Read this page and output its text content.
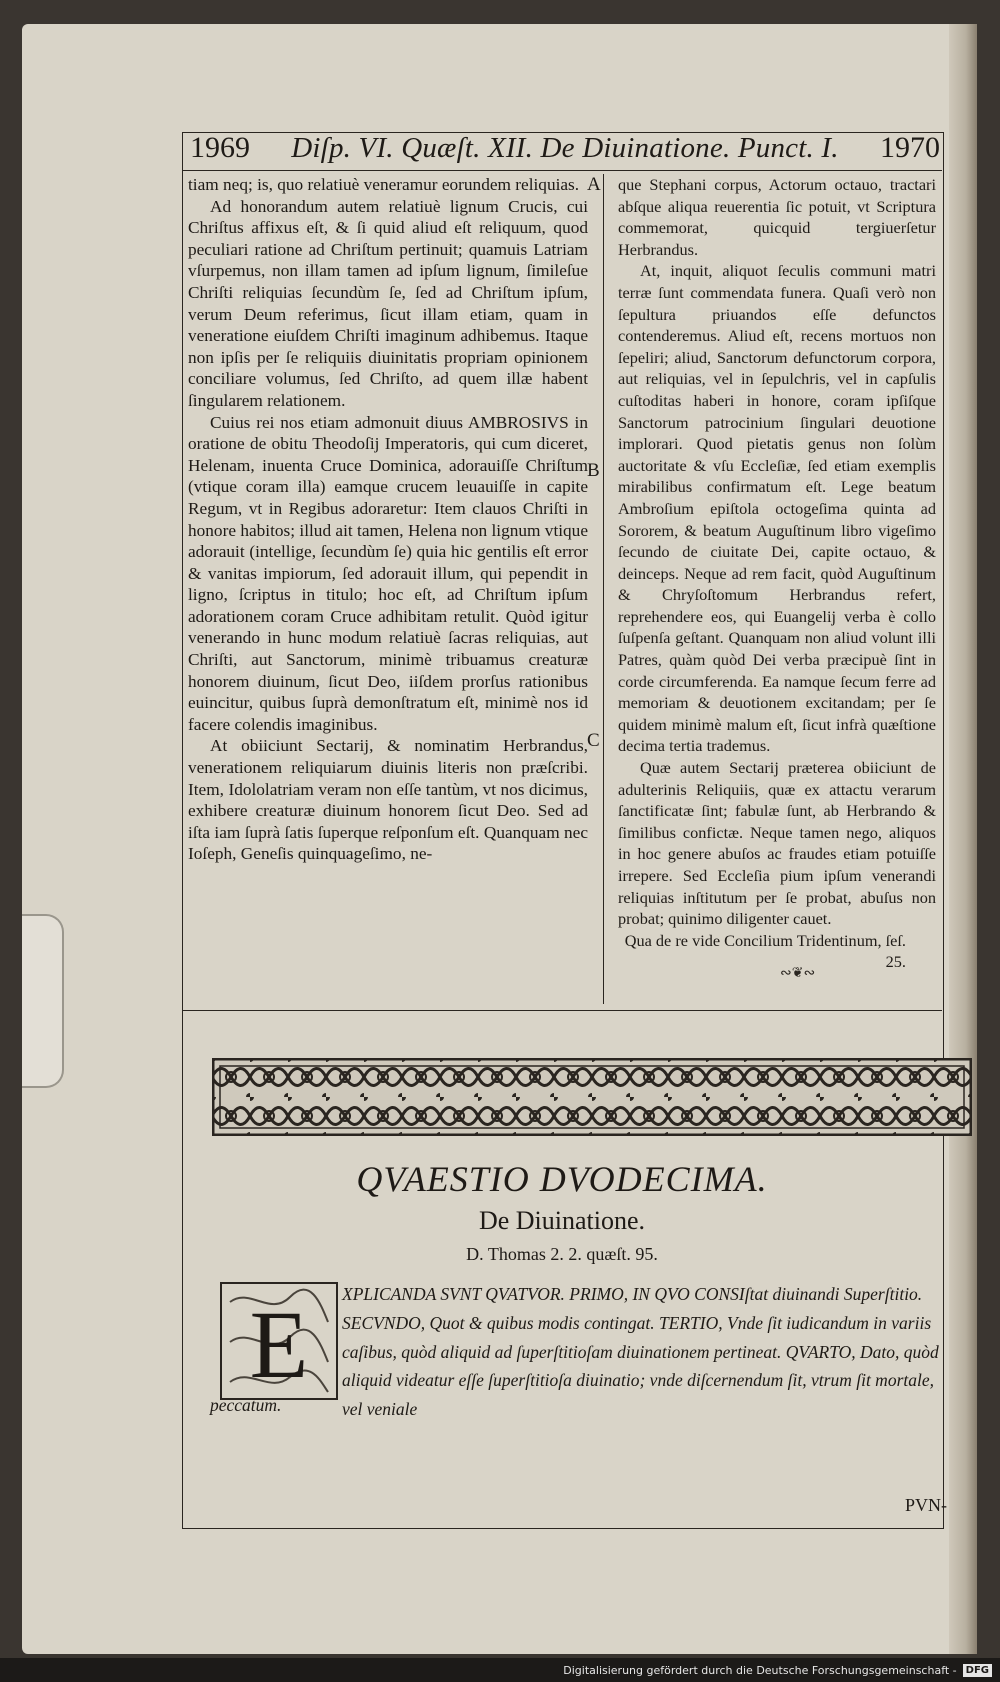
1969 Diſp. VI. Quæſt. XII. De Diuinatione. Punct. I. 1970

tiam neq; is, quo relatiuè veneramur eorundem reliquias.

Ad honorandum autem relatiuè lignum Crucis, cui Chriſtus affixus eſt, & ſi quid aliud eſt reliquum, quod peculiari ratione ad Chriſtum pertinuit; quamuis Latriam vſurpemus, non illam tamen ad ipſum lignum, ſimileſue Chriſti reliquias ſecundùm ſe, ſed ad Chriſtum ipſum, verum Deum referimus, ſicut illam etiam, quam in veneratione eiuſdem Chriſti imaginum adhibemus. Itaque non ipſis per ſe reliquiis diuinitatis propriam opinionem conciliare volumus, ſed Chriſto, ad quem illæ habent ſingularem relationem.

Cuius rei nos etiam admonuit diuus AMBROSIVS in oratione de obitu Theodoſij Imperatoris, qui cum diceret, Helenam, inuenta Cruce Dominica, adorauiſſe Chriſtum (vtique coram illa) eamque crucem leuauiſſe in capite Regum, vt in Regibus adoraretur: Item clauos Chriſti in honore habitos; illud ait tamen, Helena non lignum vtique adorauit (intellige, ſecundùm ſe) quia hic gentilis eſt error & vanitas impiorum, ſed adorauit illum, qui pependit in ligno, ſcriptus in titulo; hoc eſt, ad Chriſtum ipſum adorationem coram Cruce adhibitam retulit. Quòd igitur venerando in hunc modum relatiuè ſacras reliquias, aut Chriſti, aut Sanctorum, minimè tribuamus creaturæ honorem diuinum, ſicut Deo, iiſdem prorſus rationibus euincitur, quibus ſuprà demonſtratum eſt, minimè nos id facere colendis imaginibus.

At obiiciunt Sectarij, & nominatim Herbrandus, venerationem reliquiarum diuinis literis non præſcribi. Item, Idololatriam veram non eſſe tantùm, vt nos dicimus, exhibere creaturæ diuinum honorem ſicut Deo. Sed ad iſta iam ſuprà ſatis ſuperque reſponſum eſt. Quanquam nec Ioſeph, Geneſis quinquageſimo, ne-

A
B
C

que Stephani corpus, Actorum octauo, tractari abſque aliqua reuerentia ſic potuit, vt Scriptura commemorat, quicquid tergiuerſetur Herbrandus.

At, inquit, aliquot ſeculis communi matri terræ ſunt commendata funera. Quaſi verò non ſepultura priuandos eſſe defunctos contenderemus. Aliud eſt, recens mortuos non ſepeliri; aliud, Sanctorum defunctorum corpora, aut reliquias, vel in ſepulchris, vel in capſulis cuſtoditas haberi in honore, coram ipſiſque Sanctorum patrocinium ſingulari deuotione implorari. Quod pietatis genus non ſolùm auctoritate & vſu Eccleſiæ, ſed etiam exemplis mirabilibus confirmatum eſt. Lege beatum Ambroſium epiſtola octogeſima quinta ad Sororem, & beatum Auguſtinum libro vigeſimo ſecundo de ciuitate Dei, capite octauo, & deinceps. Neque ad rem facit, quòd Auguſtinum & Chryſoſtomum Herbrandus refert, reprehendere eos, qui Euangelij verba è collo ſuſpenſa geſtant. Quanquam non aliud volunt illi Patres, quàm quòd Dei verba præcipuè ſint in corde circumferenda. Ea namque ſecum ferre ad memoriam & deuotionem excitandam; per ſe quidem minimè malum eſt, ſicut infrà quæſtione decima tertia trademus.

Quæ autem Sectarij præterea obiiciunt de adulterinis Reliquiis, quæ ex attactu verarum ſanctificatæ ſint; fabulæ ſunt, ab Herbrando & ſimilibus confictæ. Neque tamen nego, aliquos in hoc genere abuſos ac fraudes etiam potuiſſe irrepere. Sed Eccleſia pium ipſum venerandi reliquias inſtitutum per ſe probat, abuſus non probat; quinimo diligenter cauet.

Qua de re vide Concilium Tridentinum, ſeſ. 25.

∾❦∾
QVAESTIO DVODECIMA.
De Diuinatione.
D. Thomas 2. 2. quæſt. 95.
E XPLICANDA SVNT QVATVOR. PRIMO, IN QVO CONSIſtat diuinandi Superſtitio. SECVNDO, Quot & quibus modis contingat. TERTIO, Vnde ſit iudicandum in variis caſibus, quòd aliquid ad ſuperſtitioſam diuinationem pertineat. QVARTO, Dato, quòd aliquid videatur eſſe ſuperſtitioſa diuinatio; vnde diſcernendum ſit, vtrum ſit mortale, vel veniale
peccatum.
PVN-
Digitalisierung gefördert durch die Deutsche Forschungsgemeinschaft - DFG
